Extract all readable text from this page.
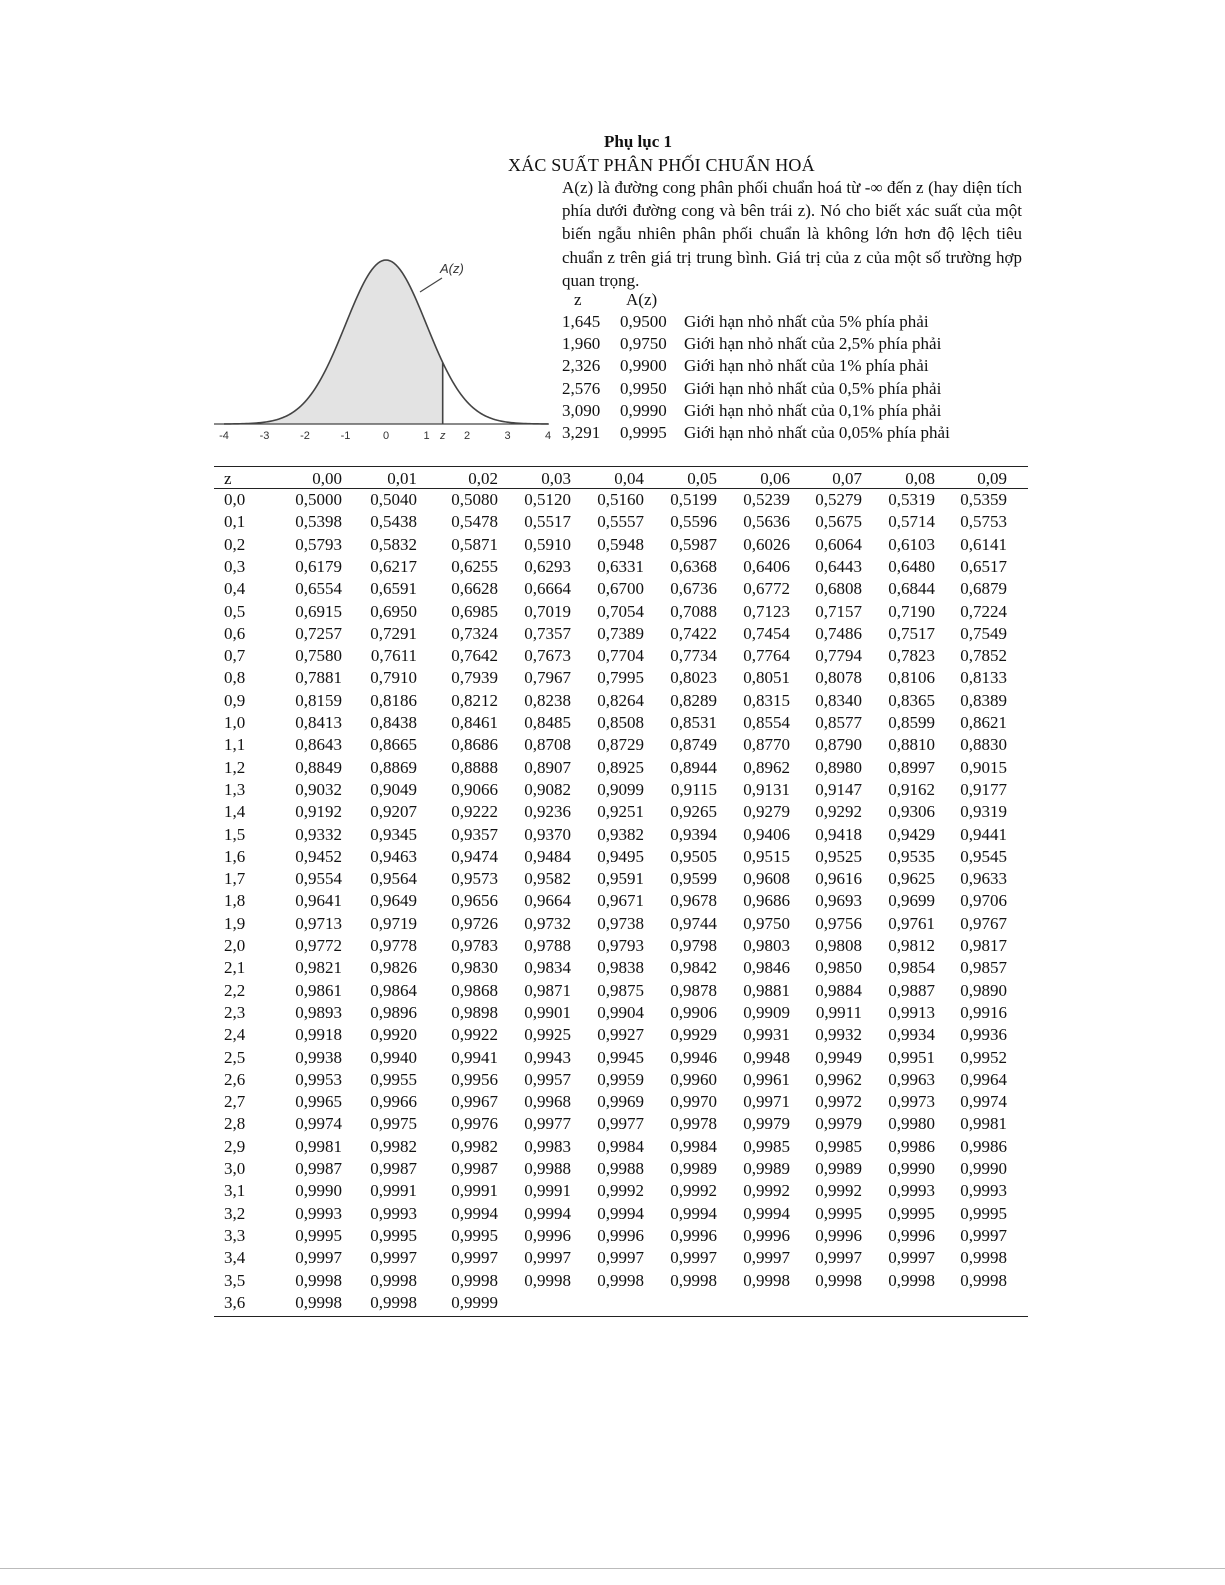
Phụ lục 1
XÁC SUẤT PHÂN PHỐI CHUẨN HOÁ
A(z) là đường cong phân phối chuẩn hoá từ -∞ đến z (hay diện tích phía dưới đường cong và bên trái z). Nó cho biết xác suất của một biến ngẫu nhiên phân phối chuẩn là không lớn hơn độ lệch tiêu chuẩn z trên giá trị trung bình. Giá trị của z của một số trường hợp quan trọng.
z	A(z)
1,645	0,9500	Giới hạn nhỏ nhất của 5% phía phải
1,960	0,9750	Giới hạn nhỏ nhất của 2,5% phía phải
2,326	0,9900	Giới hạn nhỏ nhất của 1% phía phải
2,576	0,9950	Giới hạn nhỏ nhất của 0,5% phía phải
3,090	0,9990	Giới hạn nhỏ nhất của 0,1% phía phải
3,291	0,9995	Giới hạn nhỏ nhất của 0,05% phía phải
A(z)
-4	-3	-2	-1	0	1	2	3	4
z
z	0,00	0,01	0,02	0,03	0,04	0,05	0,06 0,07	0,08 0,09
0,0	0,5000 0,5040 0,5080 0,5120 0,5160 0,5199 0,5239 0,5279 0,5319 0,5359
0,1	0,5398 0,5438 0,5478 0,5517 0,5557 0,5596 0,5636 0,5675 0,5714 0,5753
0,2	0,5793 0,5832 0,5871 0,5910 0,5948 0,5987 0,6026 0,6064 0,6103 0,6141
0,3	0,6179 0,6217 0,6255 0,6293 0,6331 0,6368 0,6406 0,6443 0,6480 0,6517
0,4	0,6554 0,6591 0,6628 0,6664 0,6700 0,6736 0,6772 0,6808 0,6844 0,6879
0,5	0,6915 0,6950 0,6985 0,7019 0,7054 0,7088 0,7123 0,7157 0,7190 0,7224
0,6	0,7257 0,7291 0,7324 0,7357 0,7389 0,7422 0,7454 0,7486 0,7517 0,7549
0,7	0,7580 0,7611 0,7642 0,7673 0,7704 0,7734 0,7764 0,7794 0,7823 0,7852
0,8	0,7881 0,7910 0,7939 0,7967 0,7995 0,8023 0,8051 0,8078 0,8106 0,8133
0,9	0,8159 0,8186 0,8212 0,8238 0,8264 0,8289 0,8315 0,8340 0,8365 0,8389
1,0	0,8413 0,8438 0,8461 0,8485 0,8508 0,8531 0,8554 0,8577 0,8599 0,8621
1,1	0,8643 0,8665 0,8686 0,8708 0,8729 0,8749 0,8770 0,8790 0,8810 0,8830
1,2	0,8849 0,8869 0,8888 0,8907 0,8925 0,8944 0,8962 0,8980 0,8997 0,9015
1,3	0,9032 0,9049 0,9066 0,9082 0,9099 0,9115 0,9131 0,9147 0,9162 0,9177
1,4	0,9192 0,9207 0,9222 0,9236 0,9251 0,9265 0,9279 0,9292 0,9306 0,9319
1,5	0,9332 0,9345 0,9357 0,9370 0,9382 0,9394 0,9406 0,9418 0,9429 0,9441
1,6	0,9452 0,9463 0,9474 0,9484 0,9495 0,9505 0,9515 0,9525 0,9535 0,9545
1,7	0,9554 0,9564 0,9573 0,9582 0,9591 0,9599 0,9608 0,9616 0,9625 0,9633
1,8	0,9641 0,9649 0,9656 0,9664 0,9671 0,9678 0,9686 0,9693 0,9699 0,9706
1,9	0,9713 0,9719 0,9726 0,9732 0,9738 0,9744 0,9750 0,9756 0,9761 0,9767
2,0	0,9772 0,9778 0,9783 0,9788 0,9793 0,9798 0,9803 0,9808 0,9812 0,9817
2,1	0,9821 0,9826 0,9830 0,9834 0,9838 0,9842 0,9846 0,9850 0,9854 0,9857
2,2	0,9861 0,9864 0,9868 0,9871 0,9875 0,9878 0,9881 0,9884 0,9887 0,9890
2,3	0,9893 0,9896 0,9898 0,9901 0,9904 0,9906 0,9909 0,9911 0,9913 0,9916
2,4	0,9918 0,9920 0,9922 0,9925 0,9927 0,9929 0,9931 0,9932 0,9934 0,9936
2,5	0,9938 0,9940 0,9941 0,9943 0,9945 0,9946 0,9948 0,9949 0,9951 0,9952
2,6	0,9953 0,9955 0,9956 0,9957 0,9959 0,9960 0,9961 0,9962 0,9963 0,9964
2,7	0,9965 0,9966 0,9967 0,9968 0,9969 0,9970 0,9971 0,9972 0,9973 0,9974
2,8	0,9974 0,9975 0,9976 0,9977 0,9977 0,9978 0,9979 0,9979 0,9980 0,9981
2,9	0,9981 0,9982 0,9982 0,9983 0,9984 0,9984 0,9985 0,9985 0,9986 0,9986
3,0	0,9987 0,9987 0,9987 0,9988 0,9988 0,9989 0,9989 0,9989 0,9990 0,9990
3,1	0,9990 0,9991 0,9991 0,9991 0,9992 0,9992 0,9992 0,9992 0,9993 0,9993
3,2	0,9993 0,9993 0,9994 0,9994 0,9994 0,9994 0,9994 0,9995 0,9995 0,9995
3,3	0,9995 0,9995 0,9995 0,9996 0,9996 0,9996 0,9996 0,9996 0,9996 0,9997
3,4	0,9997 0,9997 0,9997 0,9997 0,9997 0,9997 0,9997 0,9997 0,9997 0,9998
3,5	0,9998 0,9998 0,9998 0,9998 0,9998 0,9998 0,9998 0,9998 0,9998 0,9998
3,6	0,9998 0,9998 0,9999
